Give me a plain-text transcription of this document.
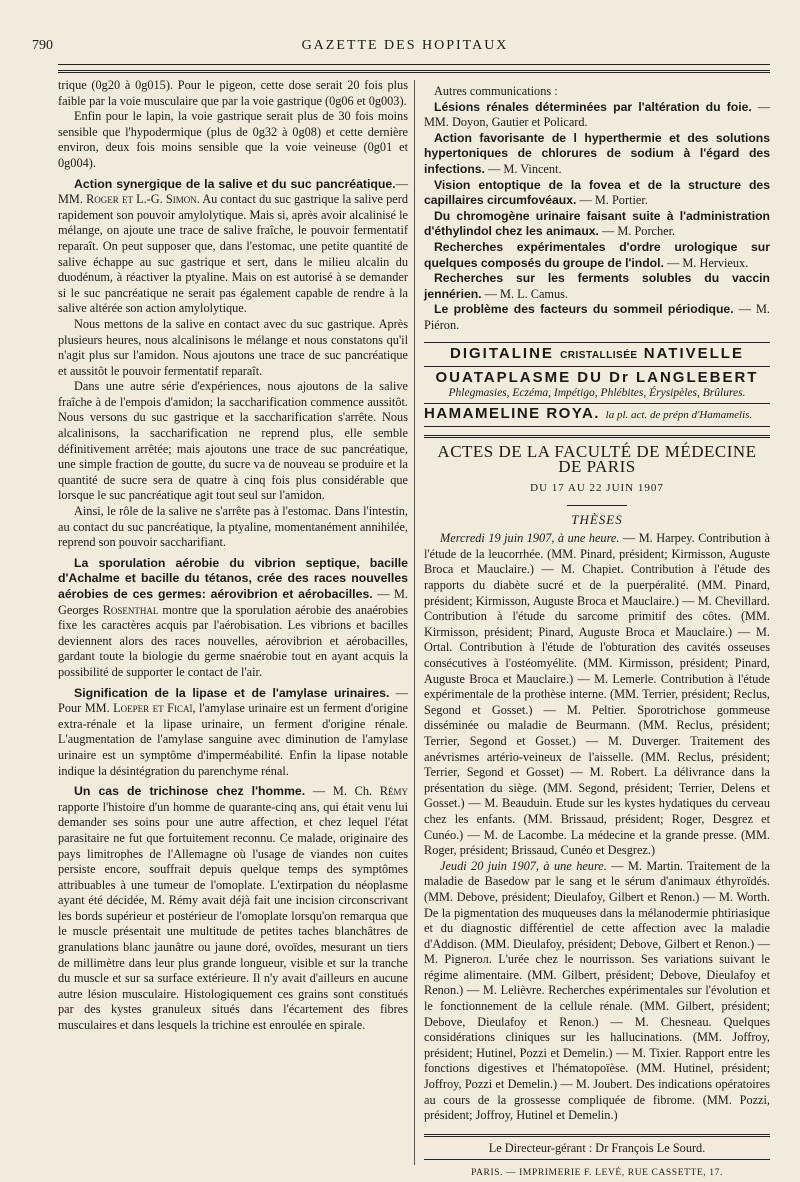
790	GAZETTE DES HOPITAUX

trique (0g20 à 0g015). Pour le pigeon, cette dose serait 20 fois plus faible par la voie musculaire que par la voie gastrique (0g06 et 0g003).

Enfin pour le lapin, la voie gastrique serait plus de 30 fois moins sensible que l'hypodermique (plus de 0g32 à 0g08) et cette dernière environ, deux fois moins sensible que la voie veineuse (0g01 et 0g004).

Action synergique de la salive et du suc pancréatique.— MM. Roger et L.-G. Simon. Au contact du suc gastrique la salive perd rapidement son pouvoir amylolytique. Mais si, après avoir alcalinisé le mélange, on ajoute une trace de salive fraîche, le pouvoir fermentatif reparaît. On peut supposer que, dans l'estomac, une petite quantité de salive échappe au suc gastrique et sert, dans le milieu alcalin du duodénum, à réactiver la ptyaline. Mais on est autorisé à se demander si le suc pancréatique ne serait pas également capable de rendre à la salive altérée son action amylolytique.

Nous mettons de la salive en contact avec du suc gastrique. Après plusieurs heures, nous alcalinisons le mélange et nous constatons qu'il n'agit plus sur l'amidon. Nous ajoutons une trace de suc pancréatique et aussitôt le pouvoir fermentatif reparaît.

Dans une autre série d'expériences, nous ajoutons de la salive fraîche à de l'empois d'amidon; la saccharification commence aussitôt. Nous versons du suc gastrique et la saccharification s'arrête. Nous alcalinisons, la saccharification ne reprend plus, elle semble définitivement arrêtée; mais ajoutons une trace de suc pancréatique, une simple fraction de goutte, du sucre va de nouveau se produire et la quantité de sucre sera de quatre à cinq fois plus considérable que lorsque le suc pancréatique agit tout seul sur l'amidon.

Ainsi, le rôle de la salive ne s'arrête pas à l'estomac. Dans l'intestin, au contact du suc pancréatique, la ptyaline, momentanément annihilée, reprend son pouvoir saccharifiant.

La sporulation aérobie du vibrion septique, bacille d'Achalme et bacille du tétanos, crée des races nouvelles aérobies de ces germes: aérovibrion et aérobacilles. — M. Georges Rosenthal montre que la sporulation aérobie des anaérobies fixe les caractères acquis par l'aérobisation. Les vibrions et bacilles deviennent alors des races nouvelles, aérovibrion et aérobacilles, gardant toute la biologie du germe snaérobie tout en ayant acquis la possibilité de supporter le contact de l'air.

Signification de la lipase et de l'amylase urinaires. — Pour MM. Loeper et Ficaï, l'amylase urinaire est un ferment d'origine extra-rénale et la lipase urinaire, un ferment d'origine rénale. L'augmentation de l'amylase sanguine avec diminution de l'amylase urinaire est un symptôme d'imperméabilité. Enfin la lipase notable indique la désintégration du parenchyme rénal.

Un cas de trichinose chez l'homme. — M. Ch. Rémy rapporte l'histoire d'un homme de quarante-cinq ans, qui était venu lui demander ses soins pour une autre affection, et chez lequel l'état parasitaire ne fut que fortuitement reconnu. Ce malade, originaire des pays limitrophes de l'Allemagne où l'usage de viandes non cuites persiste encore, souffrait depuis quelque temps des symptômes attribuables à une tumeur de l'omoplate. L'extirpation du néoplasme ayant été décidée, M. Rémy avait déjà fait une incision circonscrivant les bords supérieur et postérieur de l'omoplate lorsqu'on remarqua que le muscle présentait une multitude de petites taches blanchâtres de granulations blanc jaunâtre ou jaune doré, ovoïdes, mesurant un tiers de millimètre dans leur plus grande longueur, visible et sur la tranche du muscle et sur sa surface extérieure. Il n'y avait d'ailleurs en aucune autre lésion musculaire. Histologiquement ces grains sont constitués par des kystes granuleux situés dans l'écartement des fibres musculaires et dans lesquels la trichine est enroulée en spirale.

Autres communications :

Lésions rénales déterminées par l'altération du foie. — MM. Doyon, Gautier et Policard.

Action favorisante de l hyperthermie et des solutions hypertoniques de chlorures de sodium à l'égard des infections. — M. Vincent.

Vision entoptique de la fovea et de la structure des capillaires circumfovéaux. — M. Portier.

Du chromogène urinaire faisant suite à l'administration d'éthylindol chez les animaux. — M. Porcher.

Recherches expérimentales d'ordre urologique sur quelques composés du groupe de l'indol. — M. Hervieux.

Recherches sur les ferments solubles du vaccin jennérien. — M. L. Camus.

Le problème des facteurs du sommeil périodique. — M. Piéron.

DIGITALINE CRISTALLISÉE NATIVELLE
OUATAPLASME DU Dr LANGLEBERT
Phlegmasies, Eczéma, Impétigo, Phlébites, Érysipèles, Brûlures.
HAMAMELINE ROYA. la pl. act. de prépn d'Hamamelis.
ACTES DE LA FACULTÉ DE MÉDECINE DE PARIS
DU 17 AU 22 JUIN 1907
THÈSES

Mercredi 19 juin 1907, à une heure. — M. Harpey. Contribution à l'étude de la leucorrhée. (MM. Pinard, président; Kirmisson, Auguste Broca et Mauclaire.) — M. Chapiet. Contribution à l'étude des rapports du diabète sucré et de la puerpéralité. (MM. Pinard, président; Kirmisson, Auguste Broca et Mauclaire.) — M. Chevillard. Contribution à l'étude du sarcome primitif des côtes. (MM. Kirmisson, président; Pinard, Auguste Broca et Mauclaire.) — M. Ortal. Contribution à l'étude de l'obturation des cavités osseuses consécutives à l'ostéomyélite. (MM. Kirmisson, président; Pinard, Auguste Broca et Mauclaire.) — M. Lemerle. Contribution à l'étude expérimentale de la prothèse interne. (MM. Terrier, président; Reclus, Segond et Gosset.) — M. Peltier. Sporotrichose gommeuse disséminée ou maladie de Beurmann. (MM. Reclus, président; Terrier, Segond et Gosset.) — M. Duverger. Traitement des anévrismes artério-veineux de l'aisselle. (MM. Reclus, président; Terrier, Segond et Gosset) — M. Robert. La délivrance dans la présentation du siège. (MM. Segond, président; Terrier, Delens et Gosset.) — M. Beauduin. Etude sur les kystes hydatiques du cerveau chez les enfants. (MM. Brissaud, président; Roger, Desgrez et Cunéo.) — M. de Lacombe. La médecine et la grande presse. (MM. Roger, président; Brissaud, Cunéo et Desgrez.)

Jeudi 20 juin 1907, à une heure. — M. Martin. Traitement de la maladie de Basedow par le sang et le sérum d'animaux éthyroïdés. (MM. Debove, président; Dieulafoy, Gilbert et Renon.) — M. Worth. De la pigmentation des muqueuses dans la mélanodermie phtiriasique et du diagnostic différentiel de cette affection avec la maladie d'Addison. (MM. Dieulafoy, président; Debove, Gilbert et Renon.) — M. Pigneroл. L'urée chez le nourrisson. Ses variations suivant le régime alimentaire. (MM. Gilbert, président; Debove, Dieulafoy et Renon.) — M. Lelièvre. Recherches expérimentales sur l'évolution et le fonctionnement de la cellule rénale. (MM. Gilbert, président; Debove, Dieulafoy et Renon.) — M. Chesneau. Quelques considérations cliniques sur les hallucinations. (MM. Joffroy, président; Hutinel, Pozzi et Demelin.) — M. Tixier. Rapport entre les fonctions digestives et l'hématopoïèse. (MM. Hutinel, président; Joffroy, Pozzi et Demelin.) — M. Joubert. Des indications opératoires au cours de la grossesse compliquée de fibrome. (MM. Pozzi, président; Joffroy, Hutinel et Demelin.)

Le Directeur-gérant : Dr François Le Sourd.
PARIS. — IMPRIMERIE F. LEVÉ, RUE CASSETTE, 17.
